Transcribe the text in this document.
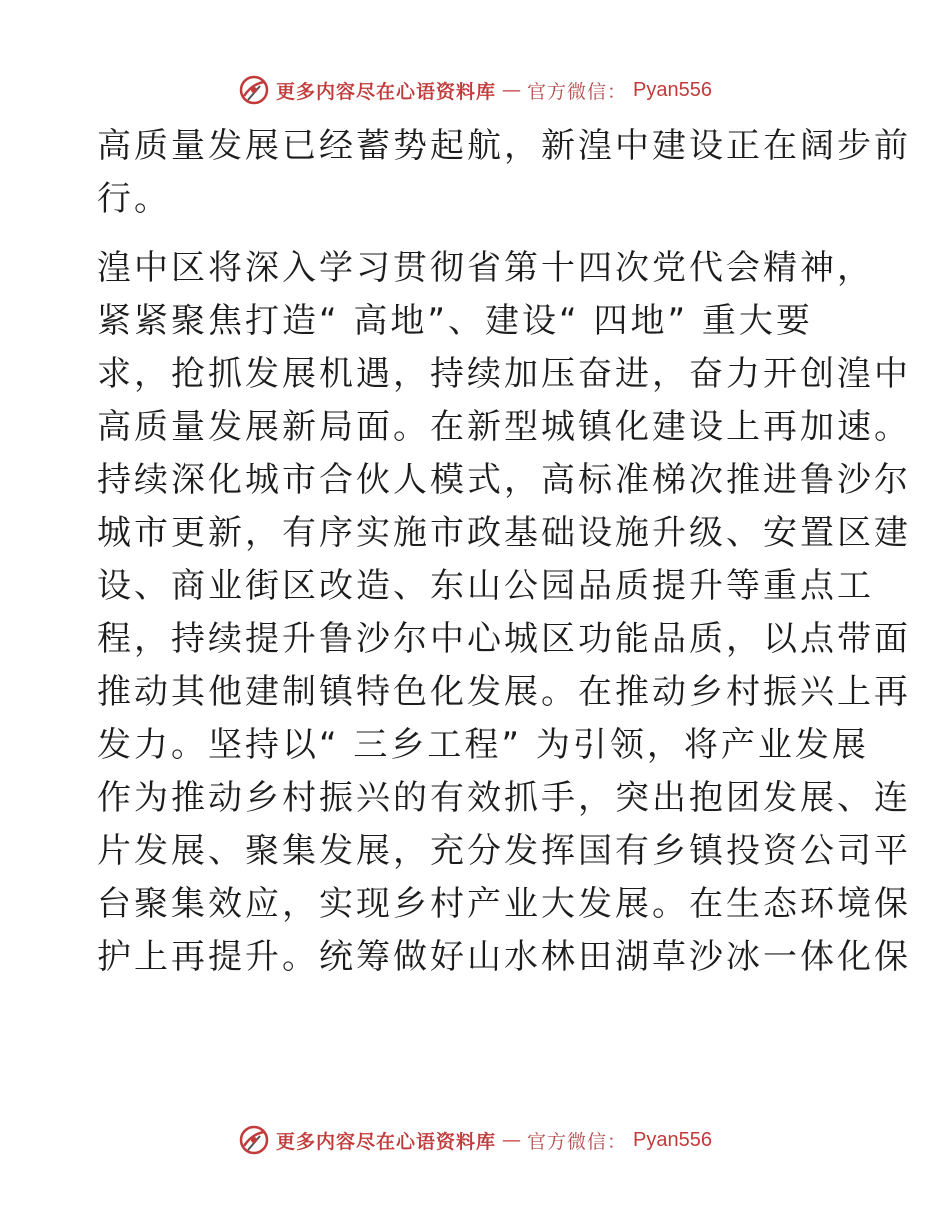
更多内容尽在心语资料库 — 官方微信： Pyan556
高质量发展已经蓄势起航，新湟中建设正在阔步前
行。
湟中区将深入学习贯彻省第十四次党代会精神，
紧紧聚焦打造“ 高地”、建设“ 四地” 重大要
求，抢抓发展机遇，持续加压奋进，奋力开创湟中
高质量发展新局面。在新型城镇化建设上再加速。
持续深化城市合伙人模式，高标准梯次推进鲁沙尔
城市更新，有序实施市政基础设施升级、安置区建
设、商业街区改造、东山公园品质提升等重点工
程，持续提升鲁沙尔中心城区功能品质，以点带面
推动其他建制镇特色化发展。在推动乡村振兴上再
发力。坚持以“ 三乡工程” 为引领，将产业发展
作为推动乡村振兴的有效抓手，突出抱团发展、连
片发展、聚集发展，充分发挥国有乡镇投资公司平
台聚集效应，实现乡村产业大发展。在生态环境保
护上再提升。统筹做好山水林田湖草沙冰一体化保
更多内容尽在心语资料库 — 官方微信： Pyan556
